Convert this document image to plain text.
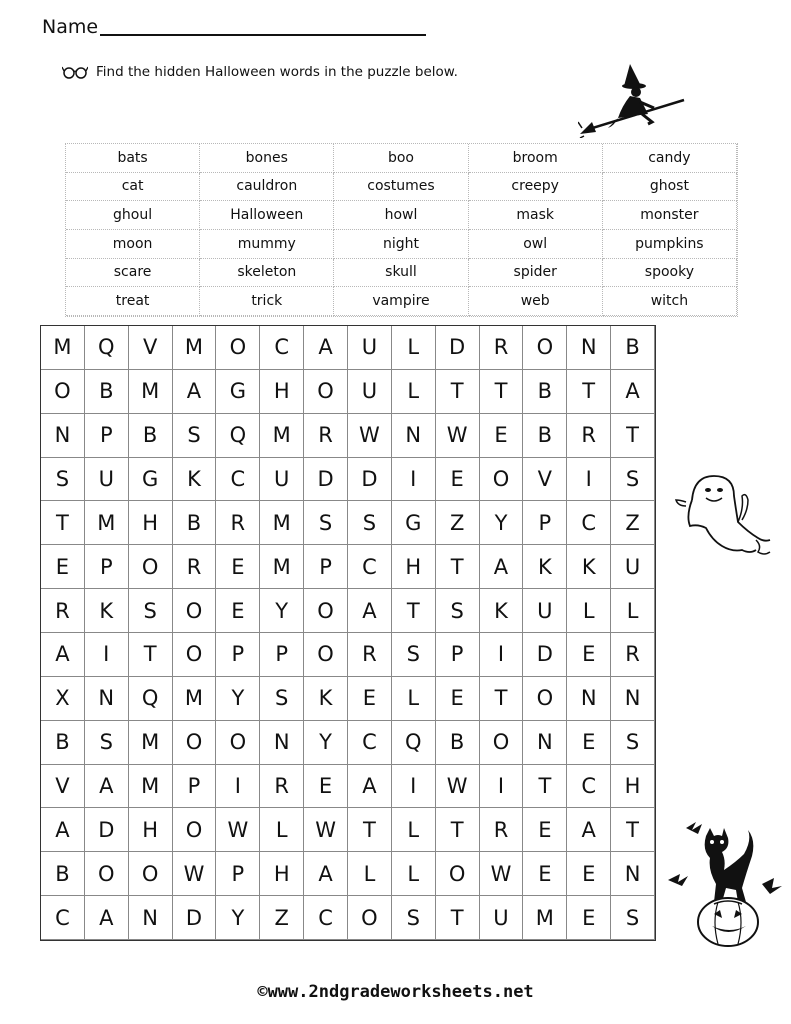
Name
Find the hidden Halloween words in the puzzle below.
bats	bones	boo	broom	candy
cat	cauldron	costumes	creepy	ghost
ghoul	Halloween	howl	mask	monster
moon	mummy	night	owl	pumpkins
scare	skeleton	skull	spider	spooky
treat	trick	vampire	web	witch
M	Q	V	M	O	C	A	U	L	D	R	O	N	B
O	B	M	A	G	H	O	U	L	T	T	B	T	A
N	P	B	S	Q	M	R	W	N	W	E	B	R	T
S	U	G	K	C	U	D	D	I	E	O	V	I	S
T	M	H	B	R	M	S	S	G	Z	Y	P	C	Z
E	P	O	R	E	M	P	C	H	T	A	K	K	U
R	K	S	O	E	Y	O	A	T	S	K	U	L	L
A	I	T	O	P	P	O	R	S	P	I	D	E	R
X	N	Q	M	Y	S	K	E	L	E	T	O	N	N
B	S	M	O	O	N	Y	C	Q	B	O	N	E	S
V	A	M	P	I	R	E	A	I	W	I	T	C	H
A	D	H	O	W	L	W	T	L	T	R	E	A	T
B	O	O	W	P	H	A	L	L	O	W	E	E	N
C	A	N	D	Y	Z	C	O	S	T	U	M	E	S
©www.2ndgradeworksheets.net
